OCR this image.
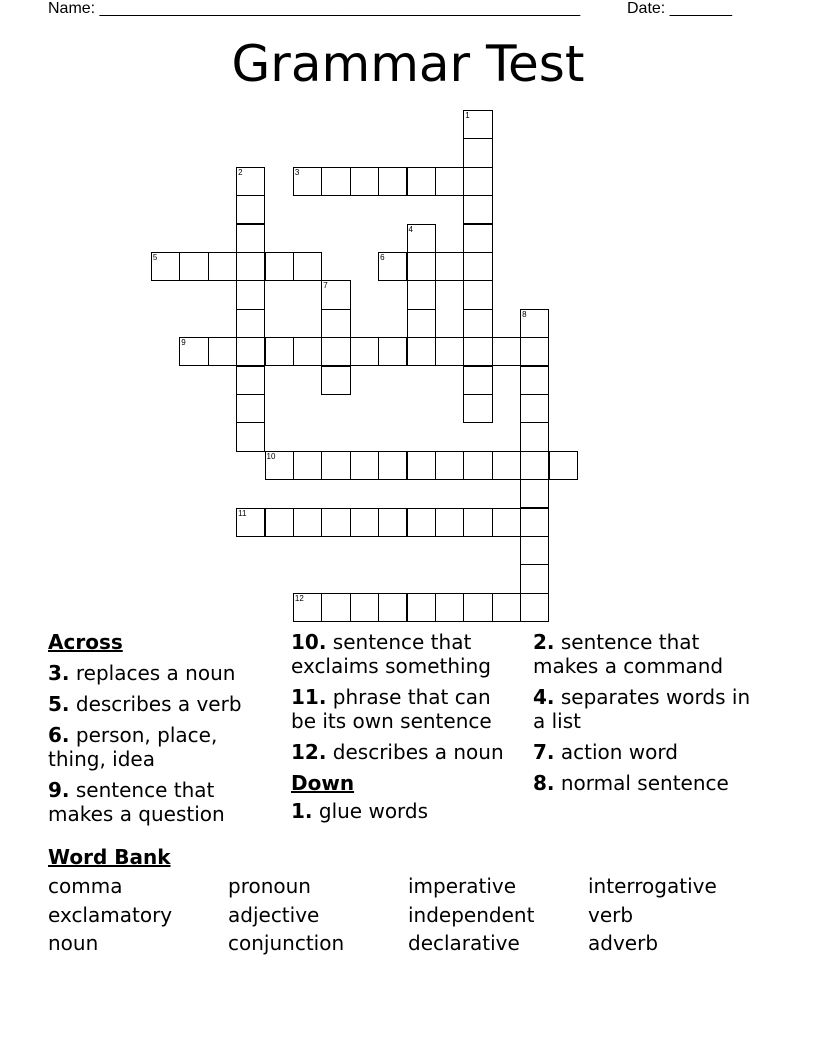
Name: ______________________________________________________	Date: _______
Grammar Test
1
2	3
4
5	6
7
8
9
10
11
12
Across
3. replaces a noun
5. describes a verb
6. person, place, thing, idea
9. sentence that makes a question
10. sentence that exclaims something
11. phrase that can be its own sentence
12. describes a noun
Down
1. glue words
2. sentence that makes a command
4. separates words in a list
7. action word
8. normal sentence
Word Bank
comma	pronoun	imperative	interrogative
exclamatory	adjective	independent	verb
noun	conjunction	declarative	adverb
